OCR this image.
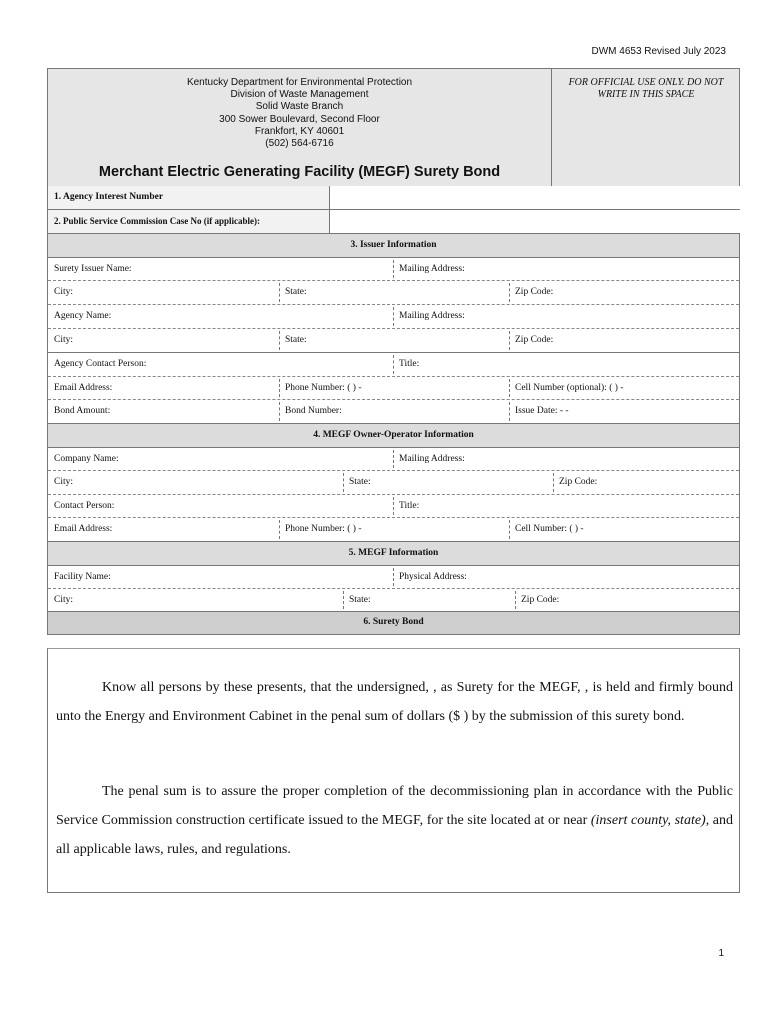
DWM 4653 Revised July 2023
Kentucky Department for Environmental Protection
Division of Waste Management
Solid Waste Branch
300 Sower Boulevard, Second Floor
Frankfort, KY 40601
(502) 564-6716
Merchant Electric Generating Facility (MEGF) Surety Bond
FOR OFFICIAL USE ONLY. DO NOT WRITE IN THIS SPACE
1. Agency Interest Number
2. Public Service Commission Case No (if applicable):
3. Issuer Information
Surety Issuer Name:	Mailing Address:
City:	State:	Zip Code:
Agency Name:	Mailing Address:
City:	State:	Zip Code:
Agency Contact Person:	Title:
Email Address:	Phone Number: ( ) -	Cell Number (optional): ( ) -
Bond Amount:	Bond Number:	Issue Date: - -
4. MEGF Owner-Operator Information
Company Name:	Mailing Address:
City:	State:	Zip Code:
Contact Person:	Title:
Email Address:	Phone Number: ( ) -	Cell Number: ( ) -
5. MEGF Information
Facility Name:	Physical Address:
City:	State:	Zip Code:
6. Surety Bond
Know all persons by these presents, that the undersigned, , as Surety for the MEGF, , is held and firmly bound unto the Energy and Environment Cabinet in the penal sum of dollars ($ ) by the submission of this surety bond.
The penal sum is to assure the proper completion of the decommissioning plan in accordance with the Public Service Commission construction certificate issued to the MEGF, for the site located at or near (insert county, state), and all applicable laws, rules, and regulations.
1
